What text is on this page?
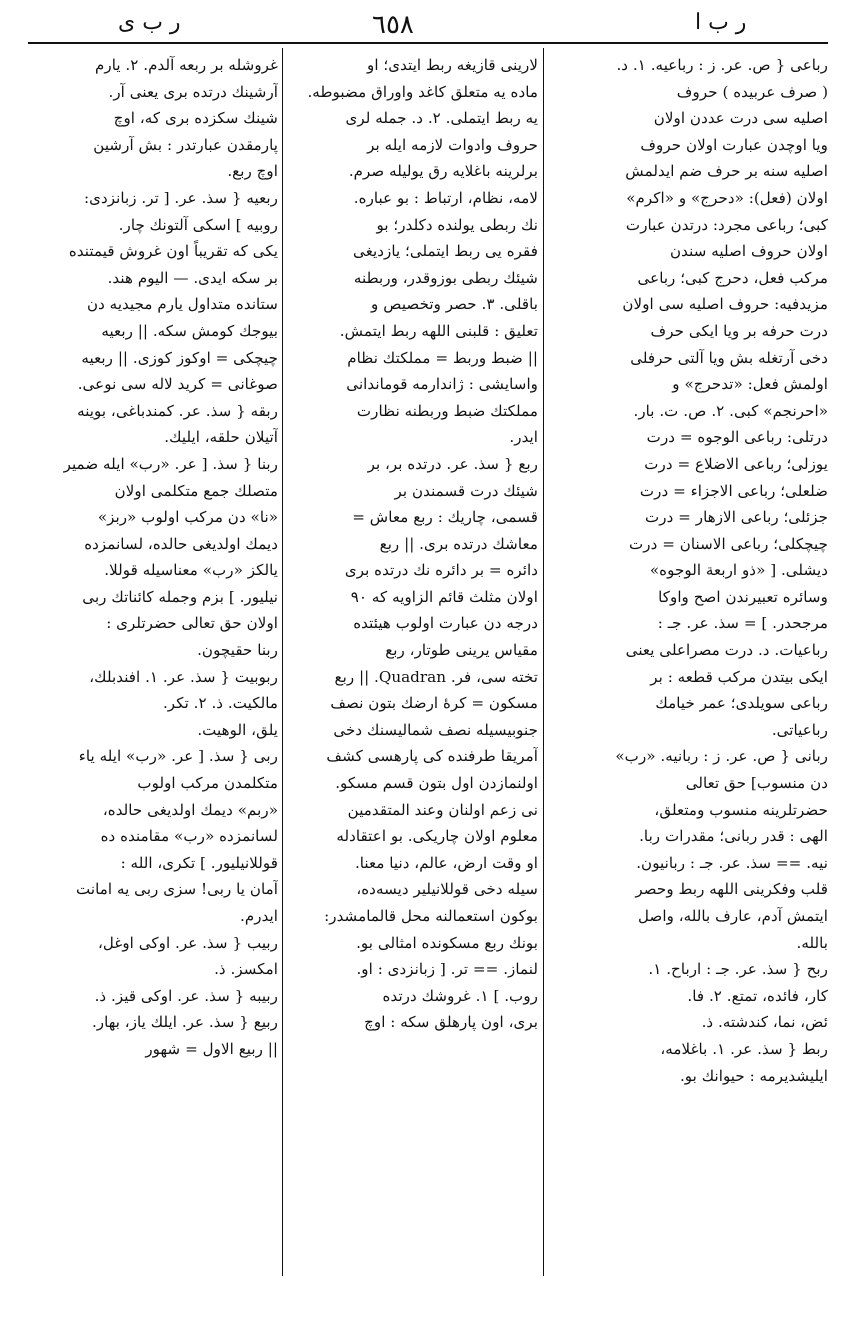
ر ب ى	٦٥٨	ر ب ا
رباعى { ص. عر. ز : رباعيه. ١. د.
( صرف عربيده ) حروف
اصليه سى درت عددن اولان
ويا اوچدن عبارت اولان حروف
اصليه سنه بر حرف ضم ايدلمش
اولان (فعل): «دحرج» و «اكرم»
كبى؛ رباعى مجرد: درتدن عبارت
اولان حروف اصليه سندن
مركب فعل، دحرج كبى؛ رباعى
مزيدفيه: حروف اصليه سى اولان
درت حرفه بر ويا ايكى حرف
دخى آرتغله بش ويا آلتى حرفلى
اولمش فعل: «تدحرج» و
«احرنجم» كبى. ٢. ص. ت. بار.
درتلى: رباعى الوجوه = درت
يوزلى؛ رباعى الاضلاع = درت
ضلعلى؛ رباعى الاجزاء = درت
جزئلى؛ رباعى الازهار = درت
چيچكلى؛ رباعى الاسنان = درت
ديشلى. [ «ذو اربعة الوجوه»
وسائره تعبيرندن اصح واوكا
مرجحدر. ] = سذ. عر. جـ :
رباعيات. د. درت مصراعلى يعنى
ايكى بيتدن مركب قطعه : بر
رباعى سويلدى؛ عمر خيامك
رباعياتى.
ربانى { ص. عر. ز : ربانيه. «رب»
دن منسوب] حق تعالى
حضرتلرينه منسوب ومتعلق،
الهى : قدر ربانى؛ مقدرات ربا.
نيه. == سذ. عر. جـ : ربانيون.
قلب وفكرينى اللهه ربط وحصر
ايتمش آدم، عارف بالله، واصل
بالله.
ربح { سذ. عر. جـ : ارباح. ١.
كار، فائده، تمتع. ٢. فا.
ئض، نما، كندشته. ذ.
ربط { سذ. عر. ١. باغلامه،
ايليشديرمه : حيوانك بو.
لارينى قازيغه ربط ايتدى؛ او
ماده يه متعلق كاغد واوراق مضبوطه.
يه ربط ايتملى. ٢. د. جمله لرى
حروف وادوات لازمه ايله بر
برلرينه باغلايه رق يوليله صرم.
لامه، نظام، ارتباط : بو عباره.
نك ربطى يولنده دكلدر؛ بو
فقره يى ربط ايتملى؛ يازديغى
شيئك ربطى بوزوقدر، وربطنه
باقلى. ٣. حصر وتخصيص و
تعليق : قلبنى اللهه ربط ايتمش.
|| ضبط وربط = مملكتك نظام
واسايشى : ژاندارمه قوماندانى
مملكتك ضبط وربطنه نظارت
ايدر.
ربع { سذ. عر. درتده بر، بر
شيئك درت قسمندن بر
قسمى، چاريك : ربع معاش =
معاشك درتده برى. || ربع
دائره = بر دائره نك درتده برى
اولان مثلث قائم الزاويه كه ٩٠
درجه دن عبارت اولوب هيئتده
مقياس يرينى طوتار، ربع
تخته سى، فر. Quadran. || ربع
مسكون = كرهٔ ارضك بتون نصف
جنوبيسيله نصف شماليسنك دخى
آمريقا طرفنده كى پارهسى كشف
اولنمازدن اول بتون قسم مسكو.
نى زعم اولنان وعند المتقدمين
معلوم اولان چاريكى. بو اعتقادله
او وقت ارض، عالم، دنيا معنا.
سيله دخى قوللانيلير ديسه‌ده،
بوكون استعمالنه محل قالمامشدر:
بونك ربع مسكونده امثالى بو.
لنماز. == تر. [ زبانزدى : او.
روب. ] ١. غروشك درتده
برى، اون پارهلق سكه : اوچ
غروشله بر ربعه آلدم. ٢. يارم
آرشينك درتده برى يعنى آر.
شينك سكزده برى كه، اوچ
پارمقدن عبارتدر : بش آرشين
اوچ ربع.
ربعيه { سذ. عر. [ تر. زبانزدى:
روبيه ] اسكى آلتونك چار.
يكى كه تقريباً اون غروش قيمتنده
بر سكه ايدى. — اليوم هند.
ستانده متداول يارم مجيديه دن
بيوجك كومش سكه. || ربعيه
چيچكى = اوكوز كوزى. || ربعيه
صوغانى = كريد لاله سى نوعى.
ربقه { سذ. عر. كمندباغى، بوينه
آتيلان حلقه، ايليك.
ربنا { سذ. [ عر. «رب» ايله ضمير
متصلك جمع متكلمى اولان
«نا» دن مركب اولوب «ربز»
ديمك اولديغى حالده، لسانمزده
يالكز «رب» معناسيله قوللا.
نيليور. ] بزم وجمله كائناتك ربى
اولان حق تعالى حضرتلرى :
ربنا حقيچون.
ربوبيت { سذ. عر. ١. افندبلك،
مالكيت. ذ. ٢. تكر.
يلق، الوهيت.
ربى { سذ. [ عر. «رب» ايله ياء
متكلمدن مركب اولوب
«ربم» ديمك اولديغى حالده،
لسانمزده «رب» مقامنده ده
قوللانيليور. ] تكرى، الله :
آمان يا ربى! سزى ربى يه امانت
ايدرم.
ربيب { سذ. عر. اوكى اوغل،
امكسز. ذ.
ربيبه { سذ. عر. اوكى قيز. ذ.
ربيع { سذ. عر. ايلك ياز، بهار.
|| ربيع الاول = شهور
